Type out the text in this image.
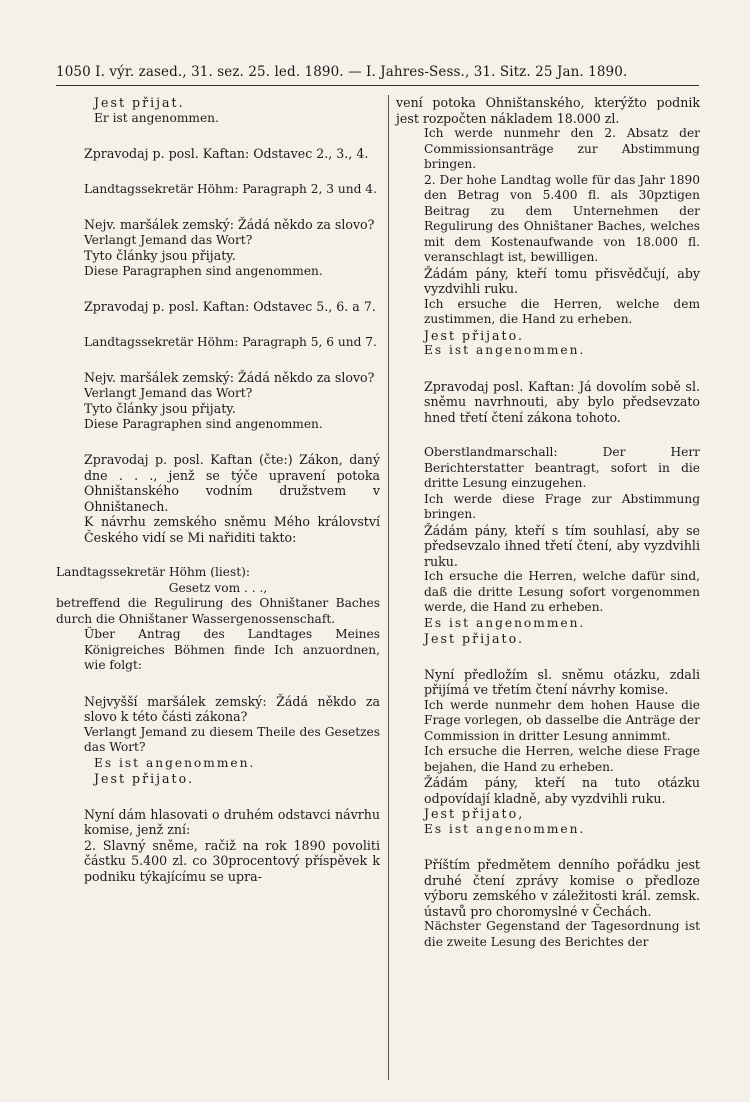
1050 I. výr. zased., 31. sez. 25. led. 1890. — I. Jahres-Sess., 31. Sitz. 25 Jan. 1890.

Jest přijat.

Er ist angenommen.

Zpravodaj p. posl. Kaftan: Odstavec 2., 3., 4.

Landtagssekretär Höhm: Paragraph 2, 3 und 4.

Nejv. maršálek zemský: Žádá někdo za slovo?

Verlangt Jemand das Wort?

Tyto články jsou přijaty.

Diese Paragraphen sind angenommen.

Zpravodaj p. posl. Kaftan: Odstavec 5., 6. a 7.

Landtagssekretär Höhm: Paragraph 5, 6 und 7.

Nejv. maršálek zemský: Žádá někdo za slovo?

Verlangt Jemand das Wort?

Tyto články jsou přijaty.

Diese Paragraphen sind angenommen.

Zpravodaj p. posl. Kaftan (čte:) Zákon, daný dne . . ., jenž se týče upravení potoka Ohništanského vodním družstvem v Ohništanech.

K návrhu zemského sněmu Mého království Českého vidí se Mi nařiditi takto:

Landtagssekretär Höhm (liest):

Gesetz vom . . .,

betreffend die Regulirung des Ohništaner Baches durch die Ohništaner Wassergenossenschaft.

Über Antrag des Landtages Meines Königreiches Böhmen finde Ich anzuordnen, wie folgt:

Nejvyšší maršálek zemský: Žádá někdo za slovo k této části zákona?

Verlangt Jemand zu diesem Theile des Gesetzes das Wort?

Es ist angenommen.

Jest přijato.

Nyní dám hlasovati o druhém odstavci návrhu komise, jenž zní:

2. Slavný sněme, račiž na rok 1890 povoliti částku 5.400 zl. co 30procentový příspěvek k podniku týkajícímu se upra-

vení potoka Ohništanského, kterýžto podnik jest rozpočten nákladem 18.000 zl.

Ich werde nunmehr den 2. Absatz der Commissionsanträge zur Abstimmung bringen.

2. Der hohe Landtag wolle für das Jahr 1890 den Betrag von 5.400 fl. als 30pztigen Beitrag zu dem Unternehmen der Regulirung des Ohništaner Baches, welches mit dem Kostenaufwande von 18.000 fl. veranschlagt ist, bewilligen.

Žádám pány, kteří tomu přisvědčují, aby vyzdvihli ruku.

Ich ersuche die Herren, welche dem zustimmen, die Hand zu erheben.

Jest přijato.

Es ist angenommen.

Zpravodaj posl. Kaftan: Já dovolím sobě sl. sněmu navrhnouti, aby bylo předsevzato hned třetí čtení zákona tohoto.

Oberstlandmarschall: Der Herr Berichterstatter beantragt, sofort in die dritte Lesung einzugehen.

Ich werde diese Frage zur Abstimmung bringen.

Žádám pány, kteří s tím souhlasí, aby se předsevzalo ihned třetí čtení, aby vyzdvihli ruku.

Ich ersuche die Herren, welche dafür sind, daß die dritte Lesung sofort vorgenommen werde, die Hand zu erheben.

Es ist angenommen.

Jest přijato.

Nyní předložím sl. sněmu otázku, zdali přijímá ve třetím čtení návrhy komise.

Ich werde nunmehr dem hohen Hause die Frage vorlegen, ob dasselbe die Anträge der Commission in dritter Lesung annimmt.

Ich ersuche die Herren, welche diese Frage bejahen, die Hand zu erheben.

Žádám pány, kteří na tuto otázku odpovídají kladně, aby vyzdvihli ruku.

Jest přijato,

Es ist angenommen.

Příštím předmětem denního pořádku jest druhé čtení zprávy komise o předloze výboru zemského v záležitosti král. zemsk. ústavů pro choromyslné v Čechách.

Nächster Gegenstand der Tagesordnung ist die zweite Lesung des Berichtes der
